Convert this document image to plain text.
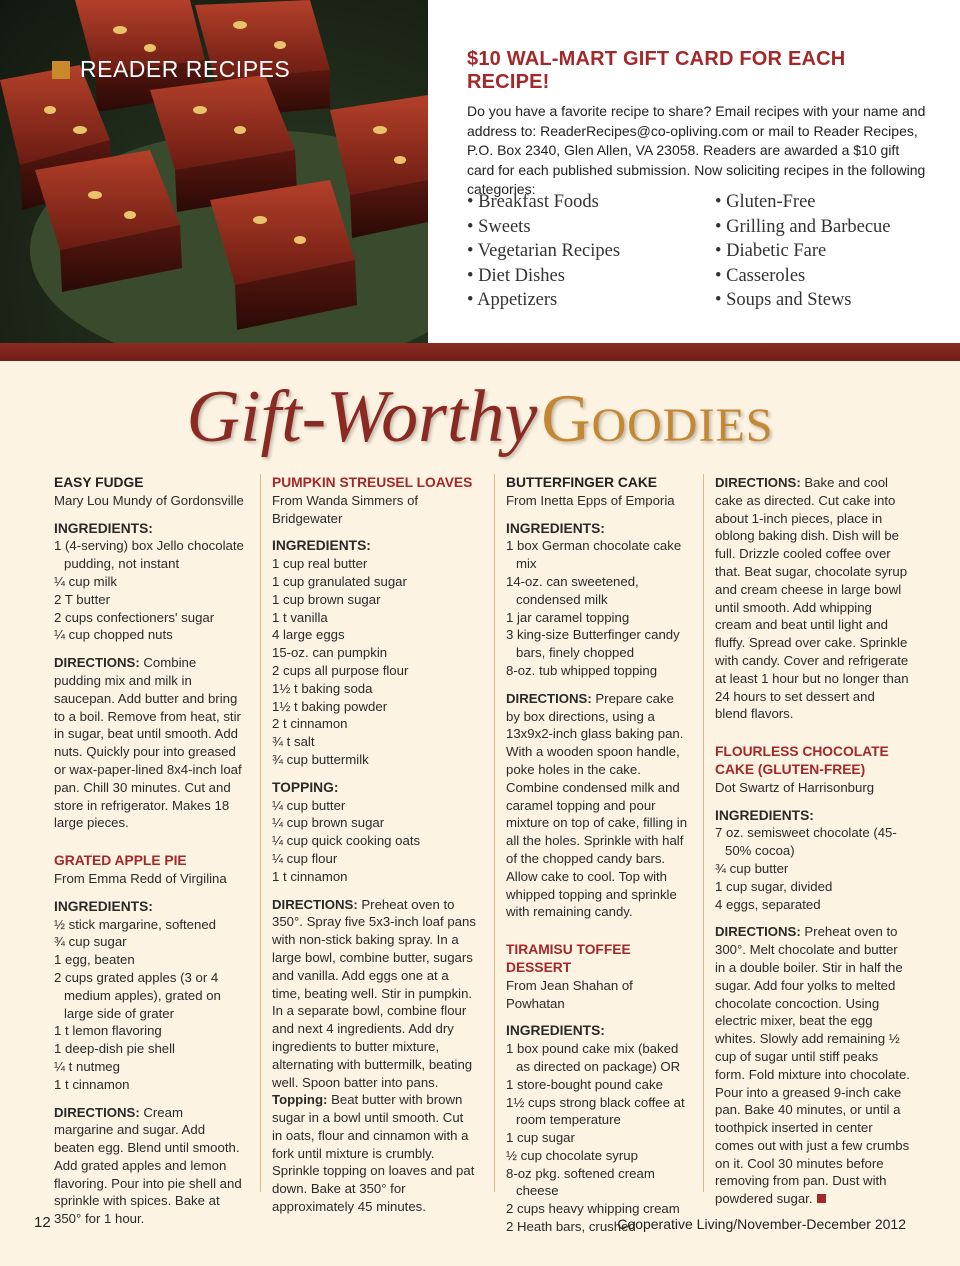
READER RECIPES	$10 WAL-MART GIFT CARD FOR EACH RECIPE!

Do you have a favorite recipe to share? Email recipes with your name and address to: ReaderRecipes@co-opliving.com or mail to Reader Recipes, P.O. Box 2340, Glen Allen, VA 23058. Readers are awarded a $10 gift card for each published submission. Now soliciting recipes in the following categories:

• Breakfast Foods
• Sweets
• Vegetarian Recipes
• Diet Dishes
• Appetizers
• Gluten-Free
• Grilling and Barbecue
• Diabetic Fare
• Casseroles
• Soups and Stews
Gift-Worthy Goodies

EASY FUDGE

Mary Lou Mundy of Gordonsville

INGREDIENTS:

1 (4-serving) box Jello chocolate pudding, not instant
¼ cup milk
2 T butter
2 cups confectioners' sugar
¼ cup chopped nuts

DIRECTIONS: Combine pudding mix and milk in saucepan. Add butter and bring to a boil. Remove from heat, stir in sugar, beat until smooth. Add nuts. Quickly pour into greased or wax-paper-lined 8x4-inch loaf pan. Chill 30 minutes. Cut and store in refrigerator. Makes 18 large pieces.

GRATED APPLE PIE

From Emma Redd of Virgilina

INGREDIENTS:

½ stick margarine, softened
¾ cup sugar
1 egg, beaten
2 cups grated apples (3 or 4 medium apples), grated on large side of grater
1 t lemon flavoring
1 deep-dish pie shell
¼ t nutmeg
1 t cinnamon

DIRECTIONS: Cream margarine and sugar. Add beaten egg. Blend until smooth. Add grated apples and lemon flavoring. Pour into pie shell and sprinkle with spices. Bake at 350° for 1 hour.

PUMPKIN STREUSEL LOAVES

From Wanda Simmers of Bridgewater

INGREDIENTS:

1 cup real butter
1 cup granulated sugar
1 cup brown sugar
1 t vanilla
4 large eggs
15-oz. can pumpkin
2 cups all purpose flour
1½ t baking soda
1½ t baking powder
2 t cinnamon
¾ t salt
¾ cup buttermilk

TOPPING:

¼ cup butter
¼ cup brown sugar
¼ cup quick cooking oats
¼ cup flour
1 t cinnamon

DIRECTIONS: Preheat oven to 350°. Spray five 5x3-inch loaf pans with non-stick baking spray. In a large bowl, combine butter, sugars and vanilla. Add eggs one at a time, beating well. Stir in pumpkin. In a separate bowl, combine flour and next 4 ingredients. Add dry ingredients to butter mixture, alternating with buttermilk, beating well. Spoon batter into pans. Topping: Beat butter with brown sugar in a bowl until smooth. Cut in oats, flour and cinnamon with a fork until mixture is crumbly. Sprinkle topping on loaves and pat down. Bake at 350° for approximately 45 minutes.

BUTTERFINGER CAKE

From Inetta Epps of Emporia

INGREDIENTS:

1 box German chocolate cake mix
14-oz. can sweetened, condensed milk
1 jar caramel topping
3 king-size Butterfinger candy bars, finely chopped
8-oz. tub whipped topping

DIRECTIONS: Prepare cake by box directions, using a 13x9x2-inch glass baking pan. With a wooden spoon handle, poke holes in the cake. Combine condensed milk and caramel topping and pour mixture on top of cake, filling in all the holes. Sprinkle with half of the chopped candy bars. Allow cake to cool. Top with whipped topping and sprinkle with remaining candy.

TIRAMISU TOFFEE DESSERT

From Jean Shahan of Powhatan

INGREDIENTS:

1 box pound cake mix (baked as directed on package) OR
1 store-bought pound cake
1½ cups strong black coffee at room temperature
1 cup sugar
½ cup chocolate syrup
8-oz pkg. softened cream cheese
2 cups heavy whipping cream
2 Heath bars, crushed

DIRECTIONS: Bake and cool cake as directed. Cut cake into about 1-inch pieces, place in oblong baking dish. Dish will be full. Drizzle cooled coffee over that. Beat sugar, chocolate syrup and cream cheese in large bowl until smooth. Add whipping cream and beat until light and fluffy. Spread over cake. Sprinkle with candy. Cover and refrigerate at least 1 hour but no longer than 24 hours to set dessert and blend flavors.

FLOURLESS CHOCOLATE CAKE (GLUTEN-FREE)

Dot Swartz of Harrisonburg

INGREDIENTS:

7 oz. semisweet chocolate (45-50% cocoa)
¾ cup butter
1 cup sugar, divided
4 eggs, separated

DIRECTIONS: Preheat oven to 300°. Melt chocolate and butter in a double boiler. Stir in half the sugar. Add four yolks to melted chocolate concoction. Using electric mixer, beat the egg whites. Slowly add remaining ½ cup of sugar until stiff peaks form. Fold mixture into chocolate. Pour into a greased 9-inch cake pan. Bake 40 minutes, or until a toothpick inserted in center comes out with just a few crumbs on it. Cool 30 minutes before removing from pan. Dust with powdered sugar.

12	Cooperative Living/November-December 2012
